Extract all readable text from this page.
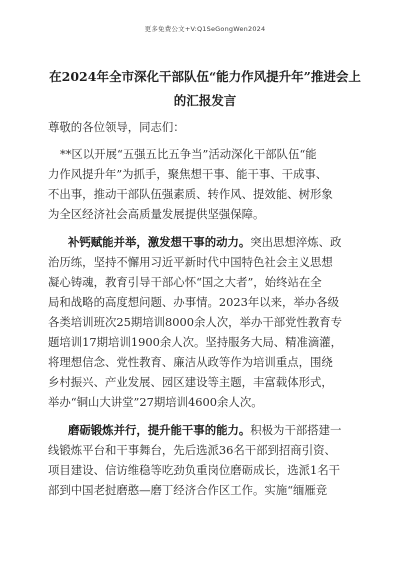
更多免费公文+V:Q1SeGongWen2024
在2024年全市深化干部队伍“能力作风提升年”推进会上
的汇报发言
尊敬的各位领导，同志们：
**区以开展“五强五比五争当”活动深化干部队伍“能
力作风提升年”为抓手，聚焦想干事、能干事、干成事、
不出事，推动干部队伍强素质、转作风、提效能、树形象
为全区经济社会高质量发展提供坚强保障。
补钙赋能并举，激发想干事的动力。突出思想淬炼、政
治历练，坚持不懈用习近平新时代中国特色社会主义思想
凝心铸魂，教育引导干部心怀“国之大者”，始终站在全
局和战略的高度想问题、办事情。2023年以来，举办各级
各类培训班次25期培训8000余人次，举办干部党性教育专
题培训17期培训1900余人次。坚持服务大局、精准滴灌，
将理想信念、党性教育、廉洁从政等作为培训重点，围绕
乡村振兴、产业发展、园区建设等主题，丰富载体形式，
举办“铜山大讲堂”27期培训4600余人次。
磨砺锻炼并行，提升能干事的能力。积极为干部搭建一
线锻炼平台和干事舞台，先后选派36名干部到招商引资、
项目建设、信访维稳等吃劲负重岗位磨砺成长，选派1名干
部到中国老挝磨憨—磨丁经济合作区工作。实施“缅雁竞
